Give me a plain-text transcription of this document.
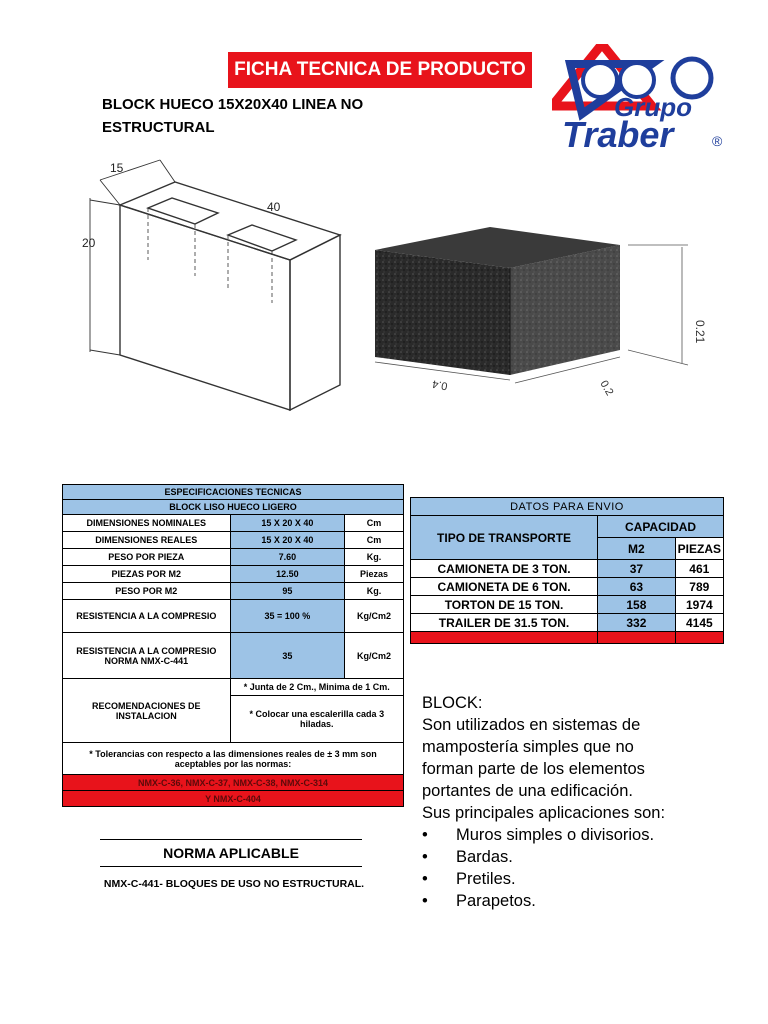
FICHA TECNICA DE PRODUCTO
BLOCK HUECO 15X20X40 LINEA NO
ESTRUCTURAL
Grupo
Traber	®
15
40
20
0.4	0.2
0.21
ESPECIFICACIONES TECNICAS		
BLOCK LISO HUECO LIGERO		
DIMENSIONES NOMINALES	15 X 20 X 40	Cm
DIMENSIONES REALES	15 X 20 X 40	Cm
PESO POR PIEZA	7.60	Kg.
PIEZAS POR M2	12.50	Piezas
PESO POR M2	95	Kg.
RESISTENCIA A LA COMPRESIO	35 = 100 %	Kg/Cm2

RESISTENCIA A LA COMPRESIO
NORMA NMX-C-441	35	Kg/Cm2

RECOMENDACIONES DE
INSTALACION	* Junta de 2 Cm., Minima de 1 Cm.	

	* Colocar una escalerilla cada 3
hiladas.	

* Tolerancias con respecto a las dimensiones reales de ± 3 mm son
aceptables por las normas:		

NMX-C-36, NMX-C-37, NMX-C-38, NMX-C-314		
Y NMX-C-404		
DATOS PARA ENVIO		
TIPO DE TRANSPORTE	CAPACIDAD	
	M2	PIEZAS
CAMIONETA DE 3 TON.	37	461
CAMIONETA DE 6 TON.	63	789
TORTON DE 15 TON.	158	1974
TRAILER DE 31.5 TON.	332	4145

BLOCK:
Son utilizados en sistemas de
mampostería simples que no
forman parte de los elementos
portantes de una edificación.
Sus principales aplicaciones son:
•	Muros simples o divisorios.
•	Bardas.
•	Pretiles.
•	Parapetos.
NORMA APLICABLE
NMX-C-441- BLOQUES DE USO NO ESTRUCTURAL.
